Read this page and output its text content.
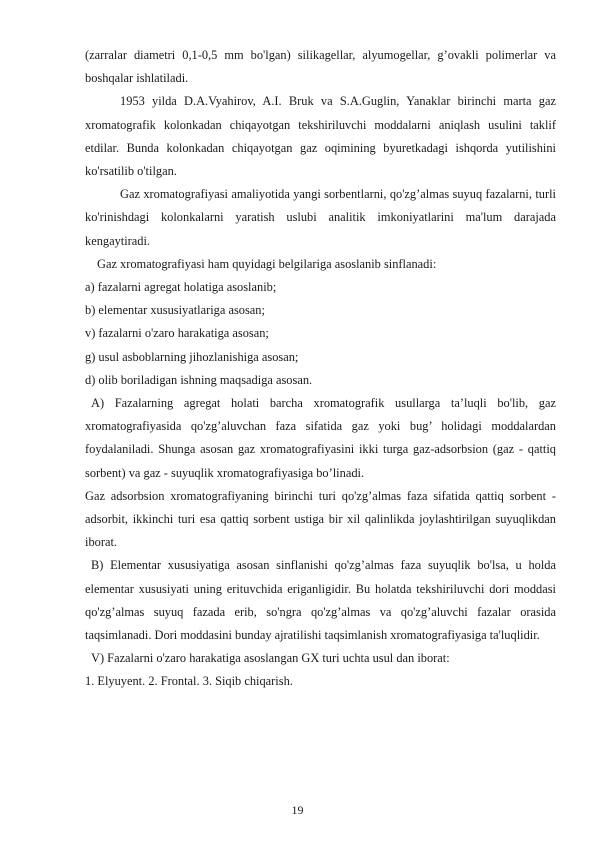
(zarralar diametri 0,1-0,5 mm bo'lgan) silikagellar, alyumogellar, g’ovakli polimerlar va boshqalar ishlatiladi.

1953 yilda D.A.Vyahirov, A.I. Bruk va S.A.Guglin, Yanaklar birinchi marta gaz xromatografik kolonkadan chiqayotgan tekshiriluvchi moddalarni aniqlash usulini taklif etdilar. Bunda kolonkadan chiqayotgan gaz oqimining byuretkadagi ishqorda yutilishini ko'rsatilib o'tilgan.

Gaz xromatografiyasi amaliyotida yangi sorbentlarni, qo'zg’almas suyuq fazalarni, turli ko'rinishdagi kolonkalarni yaratish uslubi analitik imkoniyatlarini ma'lum darajada kengaytiradi.

Gaz xromatografiyasi ham quyidagi belgilariga asoslanib sinflanadi:

a) fazalarni agregat holatiga asoslanib;

b) elementar xususiyatlariga asosan;

v) fazalarni o'zaro harakatiga asosan;

g) usul asboblarning jihozlanishiga asosan;

d) olib boriladigan ishning maqsadiga asosan.

A) Fazalarning agregat holati barcha xromatografik usullarga ta’luqli bo'lib, gaz xromatografiyasida qo'zg’aluvchan faza sifatida gaz yoki bug’ holidagi moddalardan foydalaniladi. Shunga asosan gaz xromatografiyasini ikki turga gaz-adsorbsion (gaz - qattiq sorbent) va gaz - suyuqlik xromatografiyasiga bo’linadi.

Gaz adsorbsion xromatografiyaning birinchi turi qo'zg’almas faza sifatida qattiq sorbent - adsorbit, ikkinchi turi esa qattiq sorbent ustiga bir xil qalinlikda joylashtirilgan suyuqlikdan iborat.

B) Elementar xususiyatiga asosan sinflanishi qo'zg’almas faza suyuqlik bo'lsa, u holda elementar xususiyati uning erituvchida eriganligidir. Bu holatda tekshiriluvchi dori moddasi qo'zg’almas suyuq fazada erib, so'ngra qo'zg’almas va qo'zg’aluvchi fazalar orasida taqsimlanadi. Dori moddasini bunday ajratilishi taqsimlanish xromatografiyasiga ta'luqlidir.

V) Fazalarni o'zaro harakatiga asoslangan GX turi uchta usul dan iborat:

1. Elyuyent. 2. Frontal. 3. Siqib chiqarish.

19
